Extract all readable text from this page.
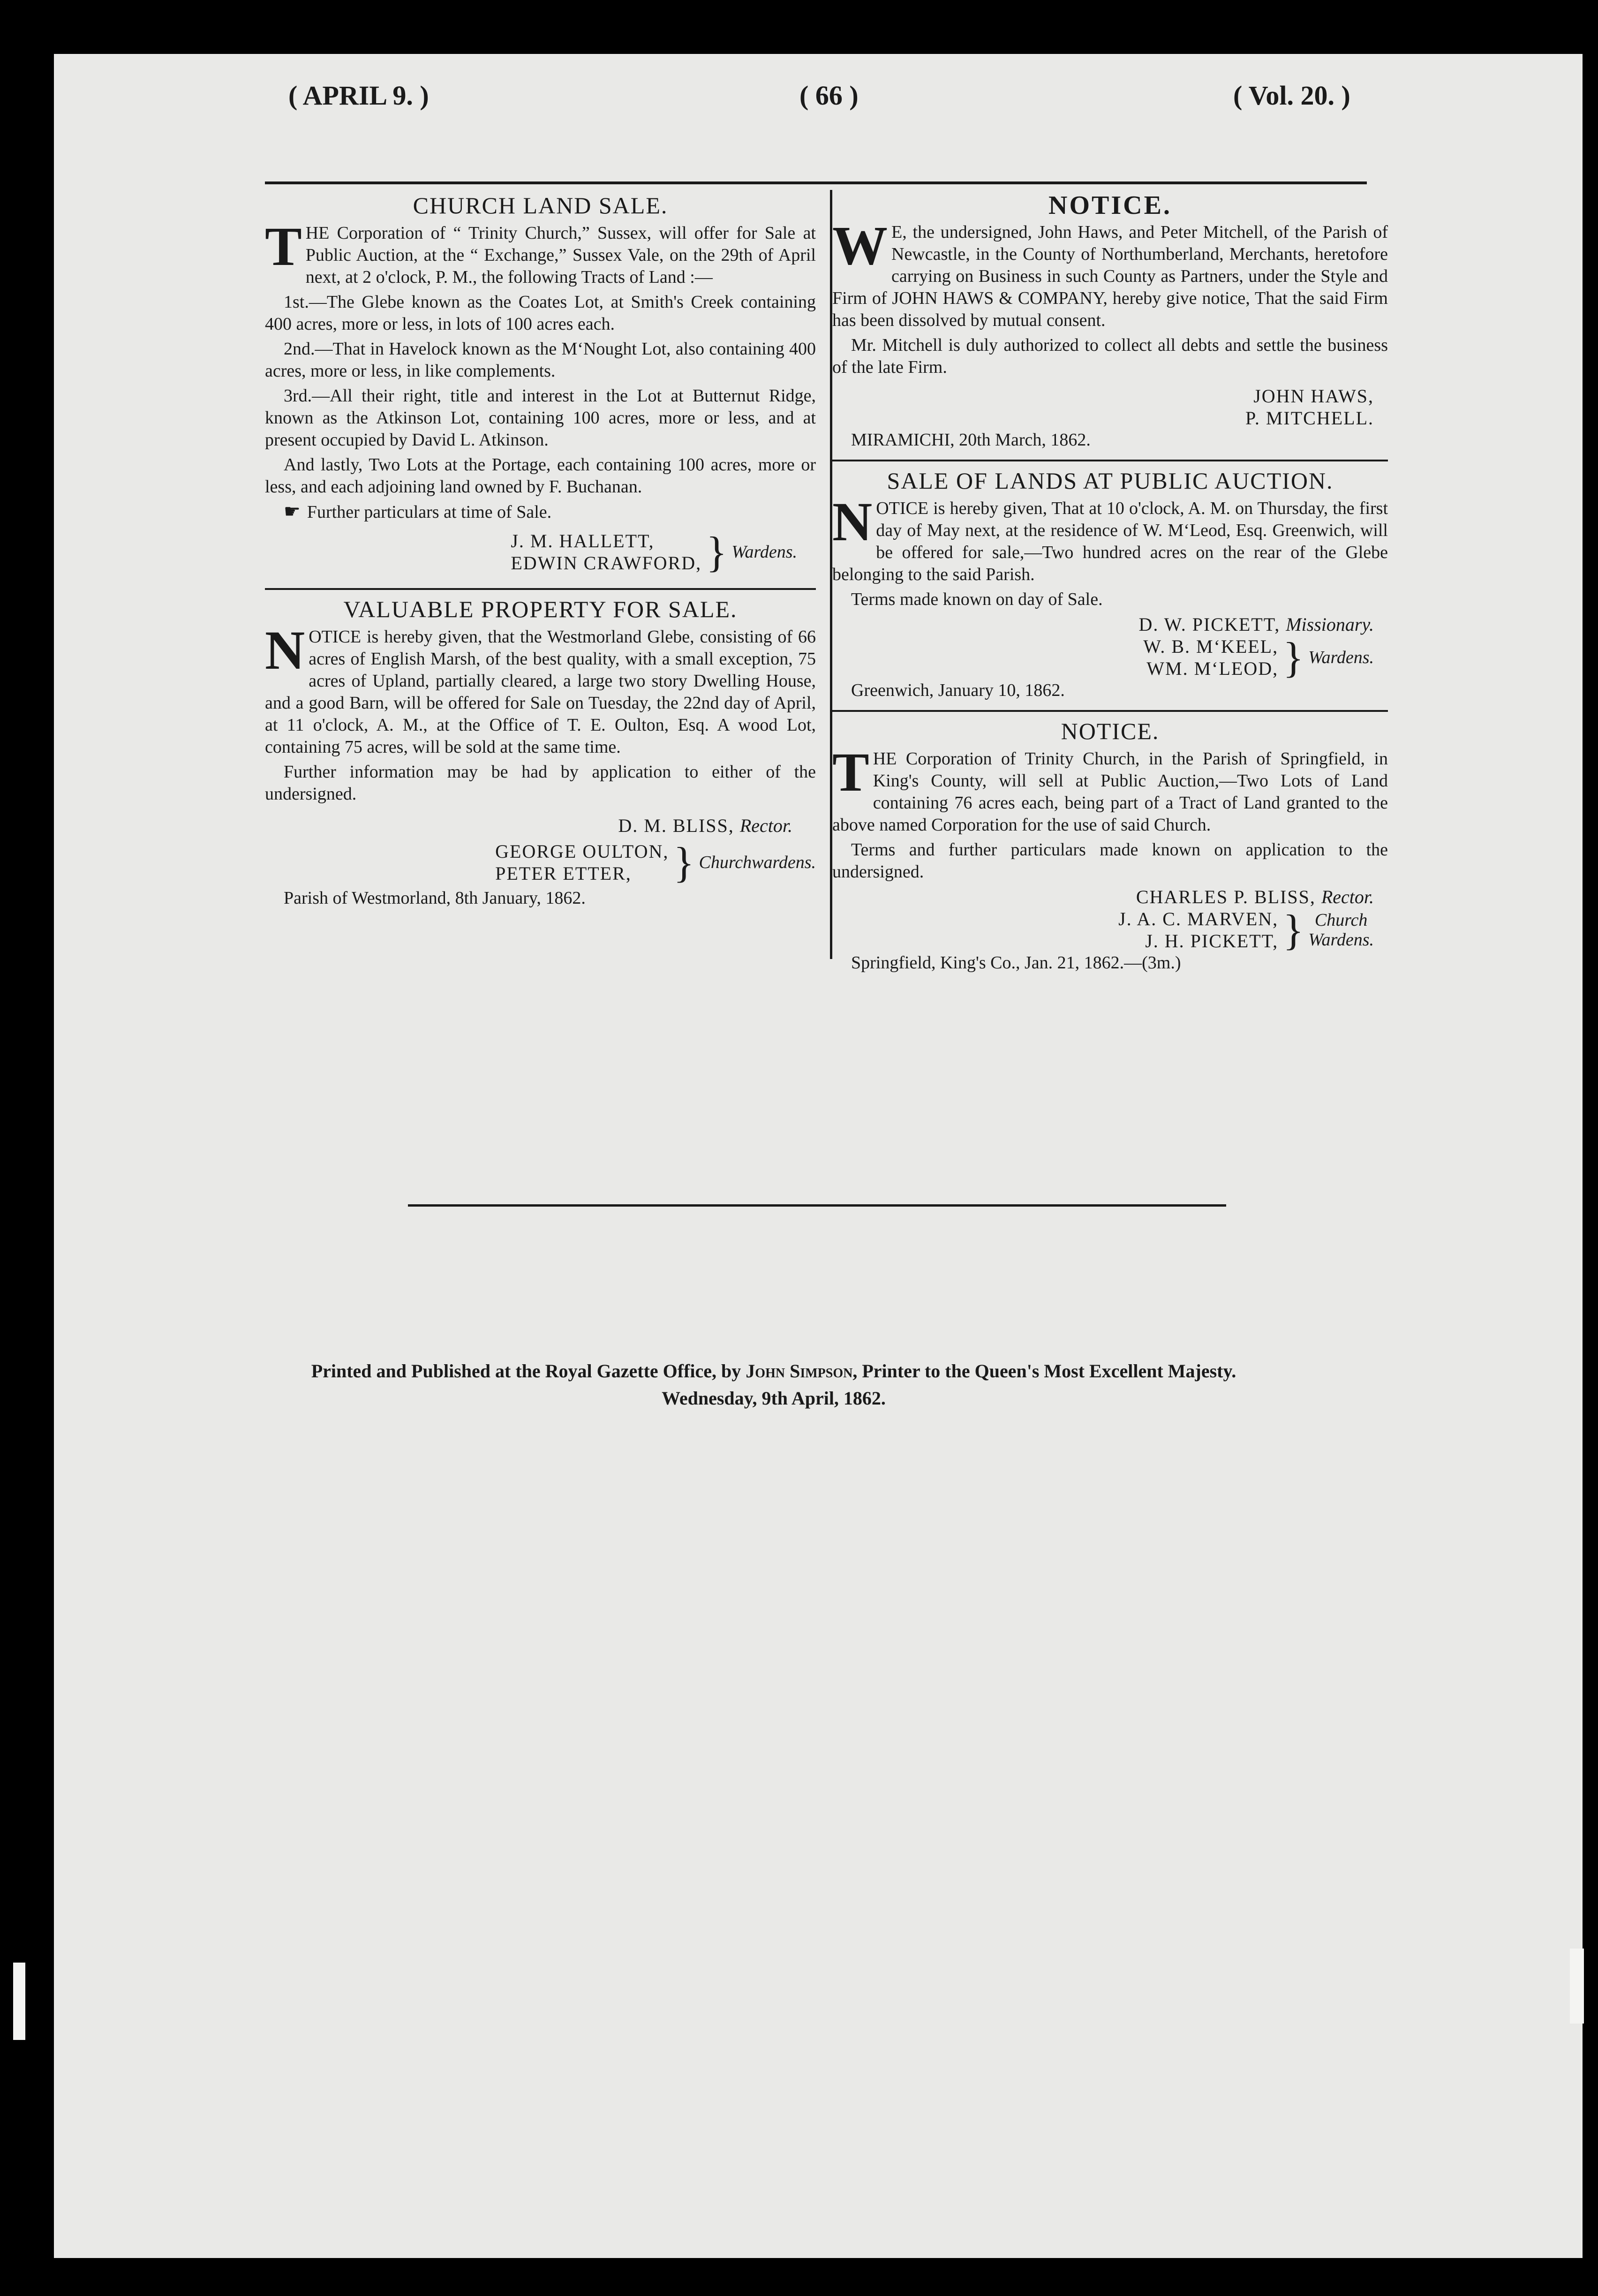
( APRIL 9. )	( 66 )	( Vol. 20. )
CHURCH LAND SALE.

THE Corporation of “ Trinity Church,” Sussex, will offer for Sale at Public Auction, at the “ Exchange,” Sussex Vale, on the 29th of April next, at 2 o'clock, P. M., the following Tracts of Land :—

1st.—The Glebe known as the Coates Lot, at Smith's Creek containing 400 acres, more or less, in lots of 100 acres each.

2nd.—That in Havelock known as the M‘Nought Lot, also containing 400 acres, more or less, in like complements.

3rd.—All their right, title and interest in the Lot at Butternut Ridge, known as the Atkinson Lot, containing 100 acres, more or less, and at present occupied by David L. Atkinson.

And lastly, Two Lots at the Portage, each containing 100 acres, more or less, and each adjoining land owned by F. Buchanan.

☛ Further particulars at time of Sale.

J. M. HALLETT,
EDWIN CRAWFORD, } Wardens.
VALUABLE PROPERTY FOR SALE.

NOTICE is hereby given, that the Westmorland Glebe, consisting of 66 acres of English Marsh, of the best quality, with a small exception, 75 acres of Upland, partially cleared, a large two story Dwelling House, and a good Barn, will be offered for Sale on Tuesday, the 22nd day of April, at 11 o'clock, A. M., at the Office of T. E. Oulton, Esq. A wood Lot, containing 75 acres, will be sold at the same time.

Further information may be had by application to either of the undersigned.

D. M. BLISS, Rector.
GEORGE OULTON,
PETER ETTER, } Churchwardens.

Parish of Westmorland, 8th January, 1862.

NOTICE.

W E, the undersigned, John Haws, and Peter Mitchell, of the Parish of Newcastle, in the County of Northumberland, Merchants, heretofore carrying on Business in such County as Partners, under the Style and Firm of JOHN HAWS & COMPANY, hereby give notice, That the said Firm has been dissolved by mutual consent.

Mr. Mitchell is duly authorized to collect all debts and settle the business of the late Firm.

JOHN HAWS,
P. MITCHELL.

MIRAMICHI, 20th March, 1862.

SALE OF LANDS AT PUBLIC AUCTION.

NOTICE is hereby given, That at 10 o'clock, A. M. on Thursday, the first day of May next, at the residence of W. M‘Leod, Esq. Greenwich, will be offered for sale,—Two hundred acres on the rear of the Glebe belonging to the said Parish.

Terms made known on day of Sale.

D. W. PICKETT, Missionary.
W. B. M‘KEEL,
WM. M‘LEOD, } Wardens.

Greenwich, January 10, 1862.

NOTICE.

THE Corporation of Trinity Church, in the Parish of Springfield, in King's County, will sell at Public Auction,—Two Lots of Land containing 76 acres each, being part of a Tract of Land granted to the above named Corporation for the use of said Church.

Terms and further particulars made known on application to the undersigned.

CHARLES P. BLISS, Rector.
J. A. C. MARVEN,
J. H. PICKETT, } Church
Wardens.

Springfield, King's Co., Jan. 21, 1862.—(3m.)

Printed and Published at the Royal Gazette Office, by John Simpson, Printer to the Queen's Most Excellent Majesty.
Wednesday, 9th April, 1862.
